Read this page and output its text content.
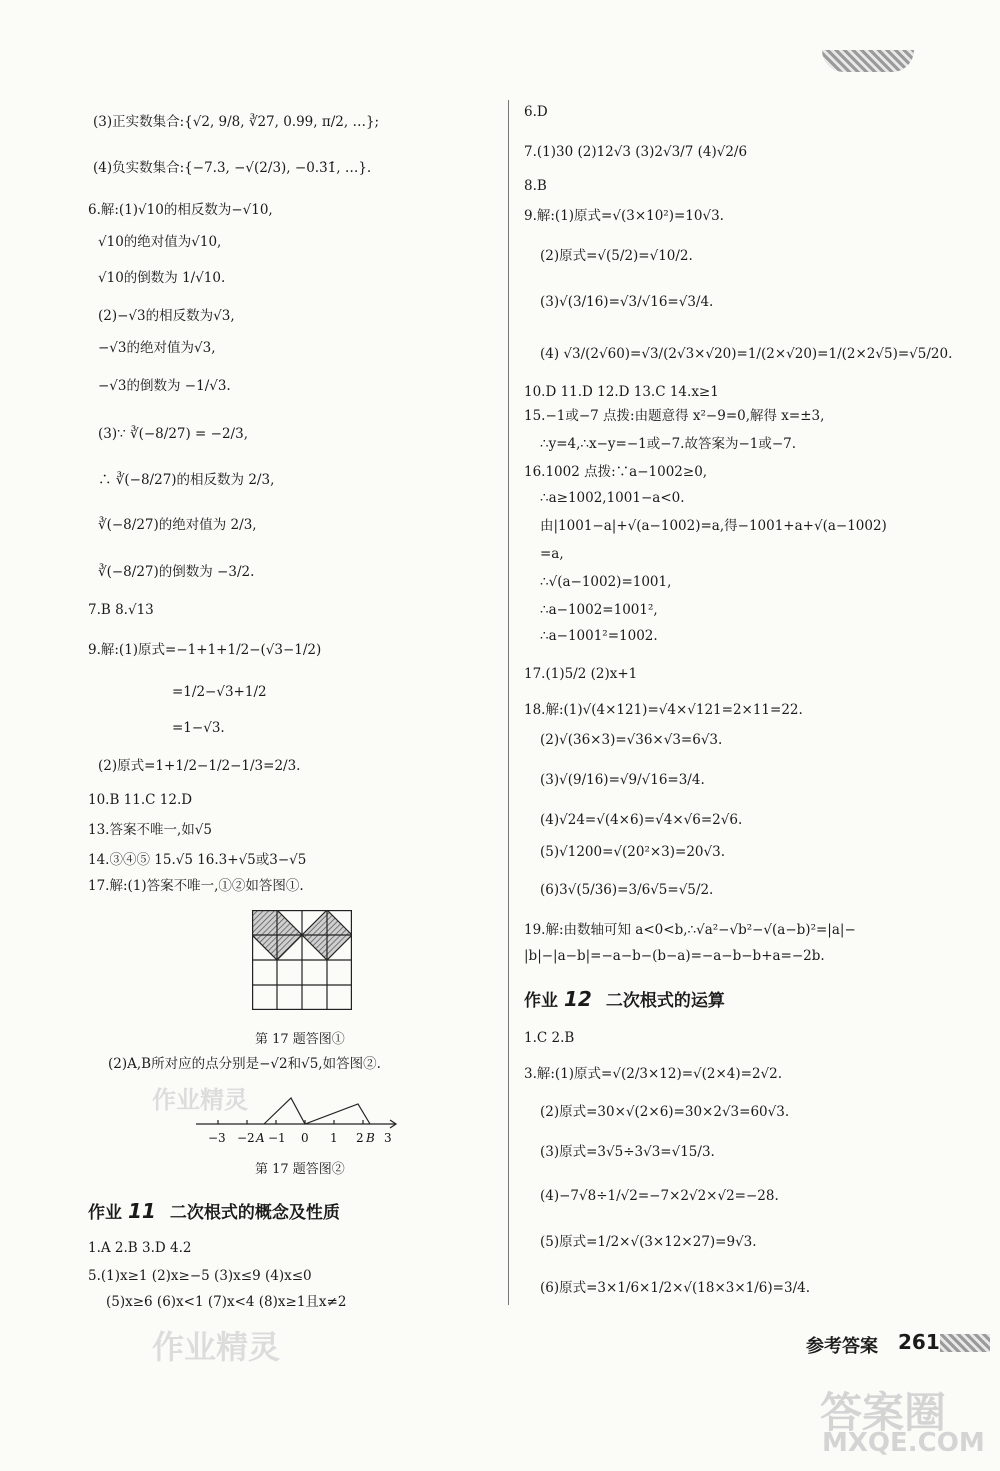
(3)正实数集合:{√2, 9/8, ∛27, 0.99, π/2, …};
(4)负实数集合:{−7.3, −√(2/3), −0.3̇1̇, …}.
6.解:(1)√10的相反数为−√10,
√10的绝对值为√10,
√10的倒数为 1/√10.
(2)−√3的相反数为√3,
−√3的绝对值为√3,
−√3的倒数为 −1/√3.
(3)∵ ∛(−8/27) = −2/3,
∴ ∛(−8/27)的相反数为 2/3,
∛(−8/27)的绝对值为 2/3,
∛(−8/27)的倒数为 −3/2.
7.B 8.√13
9.解:(1)原式=−1+1+1/2−(√3−1/2)
=1/2−√3+1/2
=1−√3.
(2)原式=1+1/2−1/2−1/3=2/3.
10.B 11.C 12.D
13.答案不唯一,如√5
14.③④⑤ 15.√5 16.3+√5或3−√5
17.解:(1)答案不唯一,①②如答图①.
第 17 题答图①
(2)A,B所对应的点分别是−√2和√5,如答图②.
−3 −2 A −1 0 1 2 B 3
第 17 题答图②
作业 11 二次根式的概念及性质
1.A 2.B 3.D 4.2
5.(1)x≥1 (2)x≥−5 (3)x≤9 (4)x≤0
(5)x≥6 (6)x<1 (7)x<4 (8)x≥1且x≠2
6.D
7.(1)30 (2)12√3 (3)2√3/7 (4)√2/6
8.B
9.解:(1)原式=√(3×10²)=10√3.
(2)原式=√(5/2)=√10/2.
(3)√(3/16)=√3/√16=√3/4.
(4) √3/(2√60)=√3/(2√3×√20)=1/(2×√20)=1/(2×2√5)=√5/20.
10.D 11.D 12.D 13.C 14.x≥1
15.−1或−7 点拨:由题意得 x²−9=0,解得 x=±3,
∴y=4,∴x−y=−1或−7.故答案为−1或−7.
16.1002 点拨:∵a−1002≥0,
∴a≥1002,1001−a<0.
由|1001−a|+√(a−1002)=a,得−1001+a+√(a−1002)
=a,
∴√(a−1002)=1001,
∴a−1002=1001²,
∴a−1001²=1002.
17.(1)5/2 (2)x+1
18.解:(1)√(4×121)=√4×√121=2×11=22.
(2)√(36×3)=√36×√3=6√3.
(3)√(9/16)=√9/√16=3/4.
(4)√24=√(4×6)=√4×√6=2√6.
(5)√1200=√(20²×3)=20√3.
(6)3√(5/36)=3/6√5=√5/2.
19.解:由数轴可知 a<0<b,∴√a²−√b²−√(a−b)²=|a|−
|b|−|a−b|=−a−b−(b−a)=−a−b−b+a=−2b.
作业 12 二次根式的运算
1.C 2.B
3.解:(1)原式=√(2/3×12)=√(2×4)=2√2.
(2)原式=30×√(2×6)=30×2√3=60√3.
(3)原式=3√5÷3√3=√15/3.
(4)−7√8÷1/√2=−7×2√2×√2=−28.
(5)原式=1/2×√(3×12×27)=9√3.
(6)原式=3×1/6×1/2×√(18×3×1/6)=3/4.
参考答案 261
作业精灵
作业精灵
答案圈
MXQE.COM
